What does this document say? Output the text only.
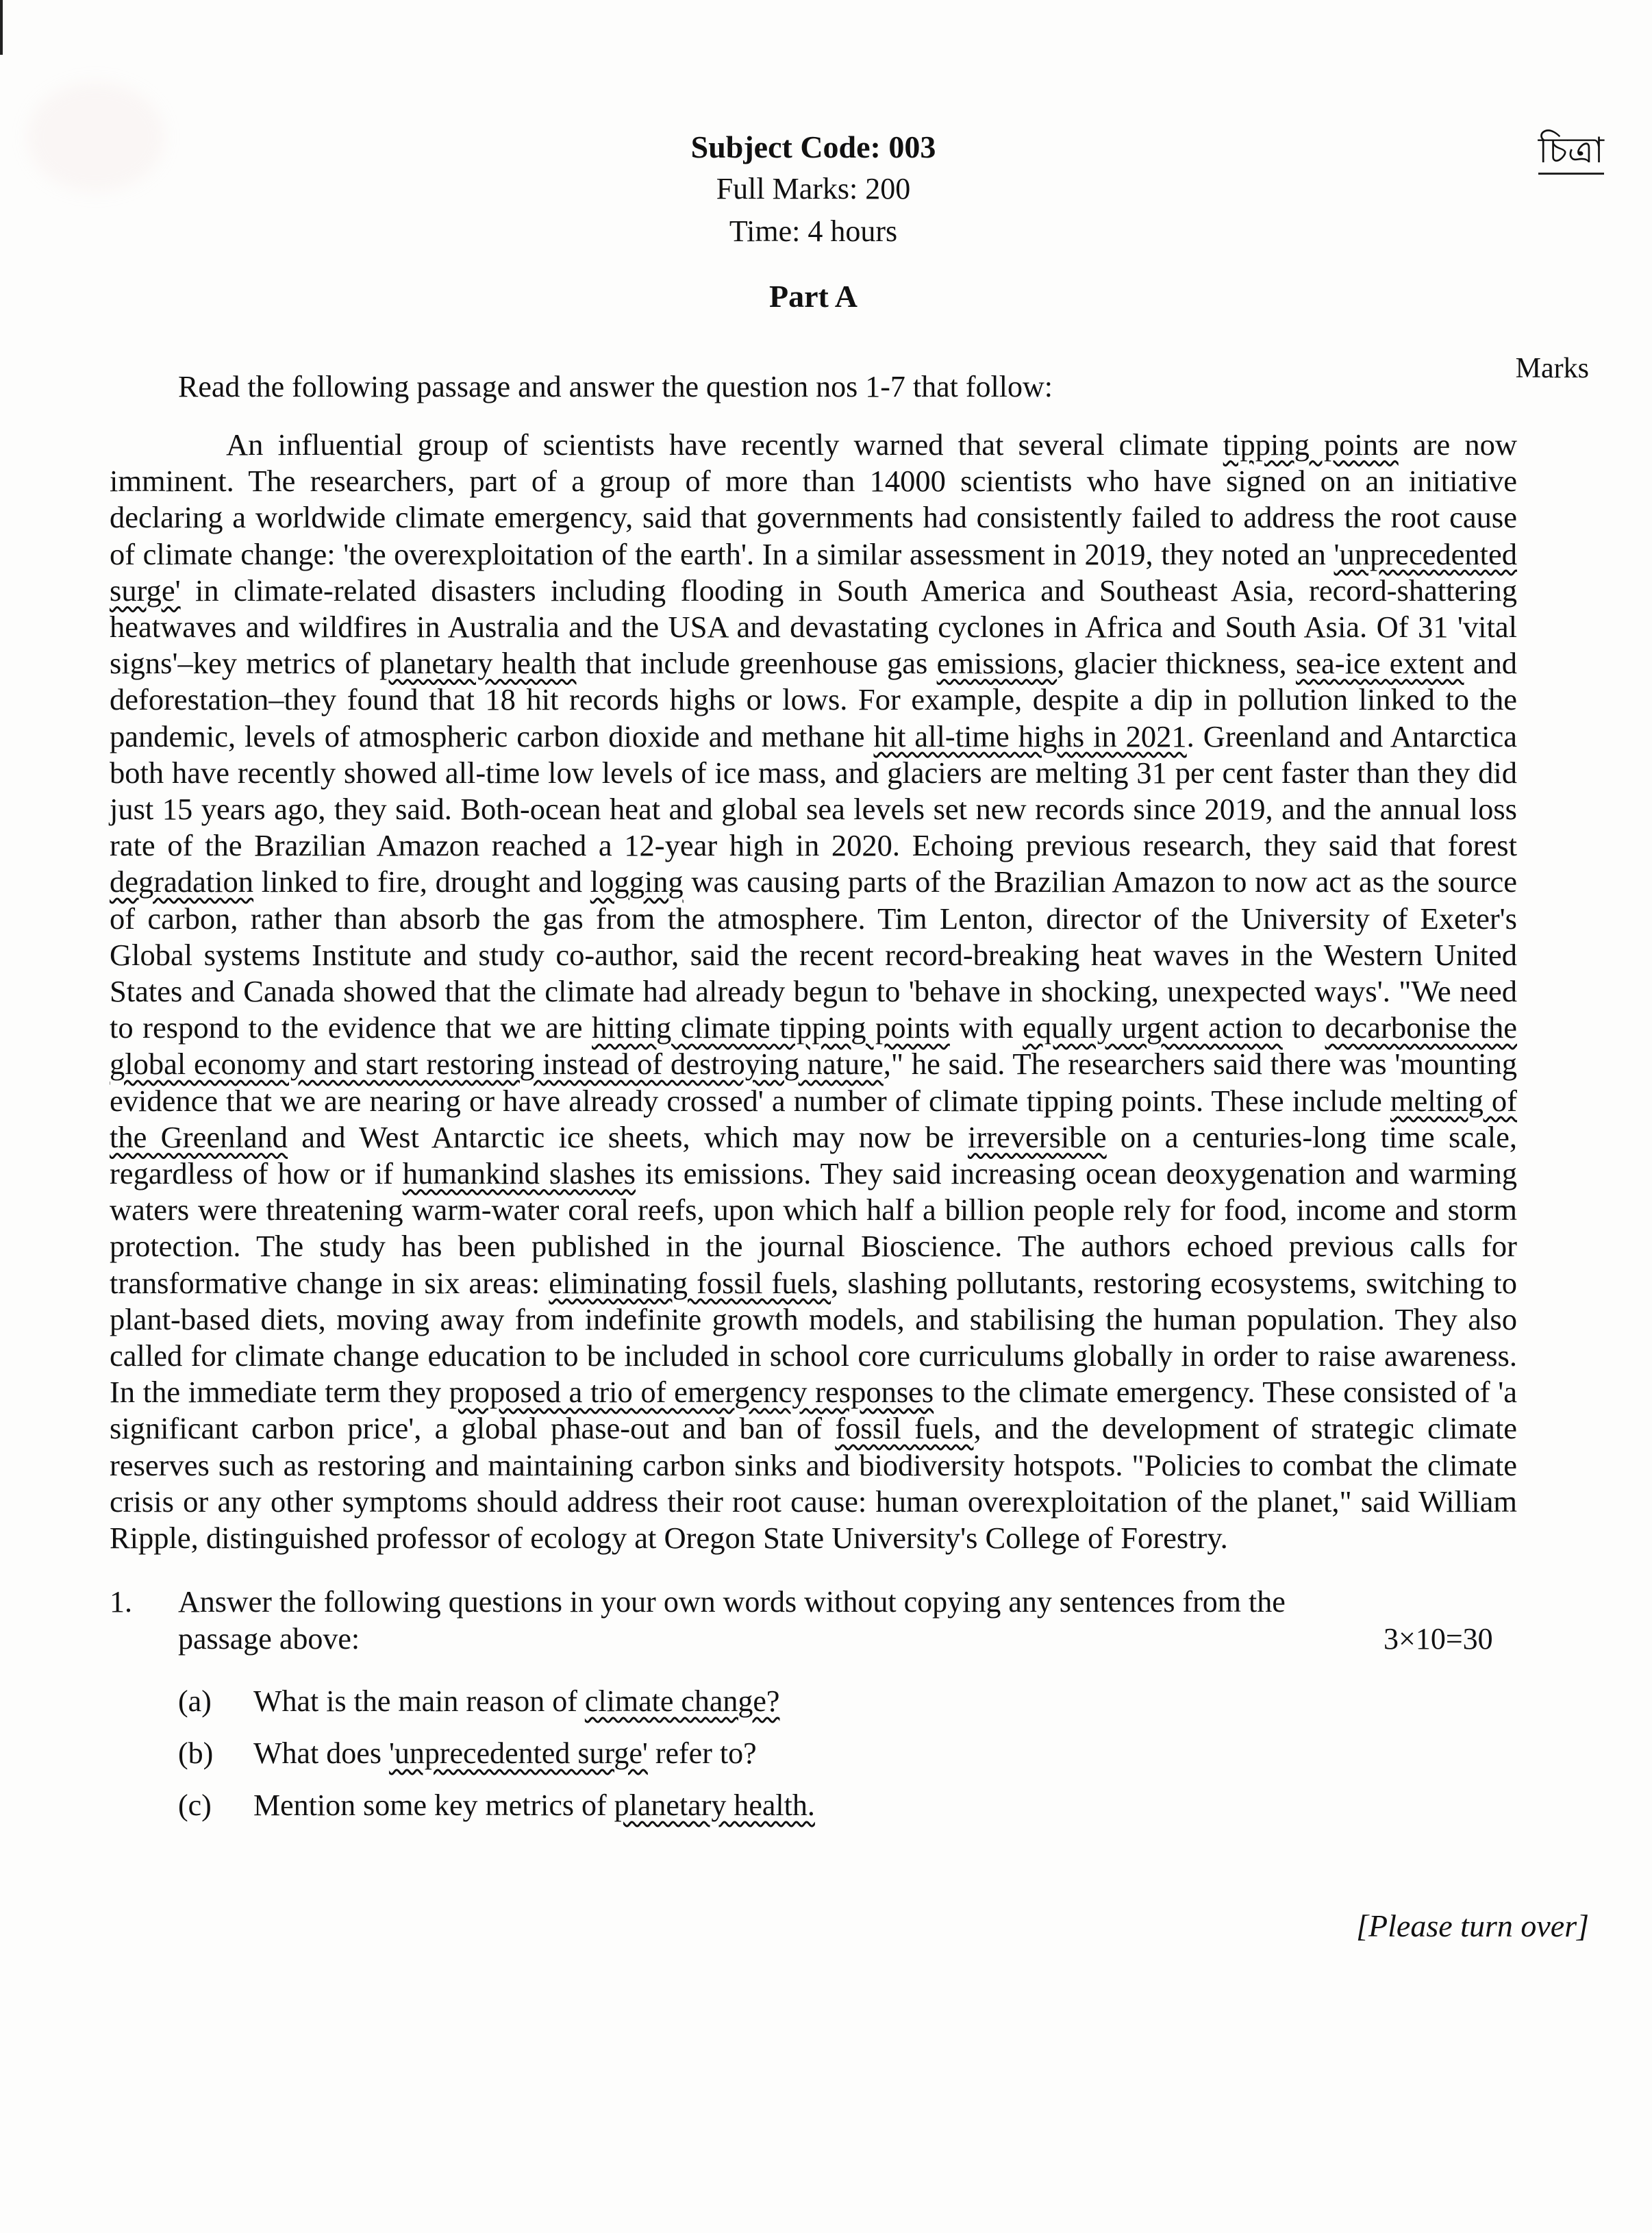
চিত্রা
Subject Code: 003
Full Marks: 200
Time: 4 hours
Part A
Read the following passage and answer the question nos 1-7 that follow:
Marks
An influential group of scientists have recently warned that several climate tipping points are now imminent. The researchers, part of a group of more than 14000 scientists who have signed on an initiative declaring a worldwide climate emergency, said that governments had consistently failed to address the root cause of climate change: 'the overexploitation of the earth'. In a similar assessment in 2019, they noted an 'unprecedented surge' in climate-related disasters including flooding in South America and Southeast Asia, record-shattering heatwaves and wildfires in Australia and the USA and devastating cyclones in Africa and South Asia. Of 31 'vital signs'–key metrics of planetary health that include greenhouse gas emissions, glacier thickness, sea-ice extent and deforestation–they found that 18 hit records highs or lows. For example, despite a dip in pollution linked to the pandemic, levels of atmospheric carbon dioxide and methane hit all-time highs in 2021. Greenland and Antarctica both have recently showed all-time low levels of ice mass, and glaciers are melting 31 per cent faster than they did just 15 years ago, they said. Both-ocean heat and global sea levels set new records since 2019, and the annual loss rate of the Brazilian Amazon reached a 12-year high in 2020. Echoing previous research, they said that forest degradation linked to fire, drought and logging was causing parts of the Brazilian Amazon to now act as the source of carbon, rather than absorb the gas from the atmosphere. Tim Lenton, director of the University of Exeter's Global systems Institute and study co-author, said the recent record-breaking heat waves in the Western United States and Canada showed that the climate had already begun to 'behave in shocking, unexpected ways'. "We need to respond to the evidence that we are hitting climate tipping points with equally urgent action to decarbonise the global economy and start restoring instead of destroying nature," he said. The researchers said there was 'mounting evidence that we are nearing or have already crossed' a number of climate tipping points. These include melting of the Greenland and West Antarctic ice sheets, which may now be irreversible on a centuries-long time scale, regardless of how or if humankind slashes its emissions. They said increasing ocean deoxygenation and warming waters were threatening warm-water coral reefs, upon which half a billion people rely for food, income and storm protection. The study has been published in the journal Bioscience. The authors echoed previous calls for transformative change in six areas: eliminating fossil fuels, slashing pollutants, restoring ecosystems, switching to plant-based diets, moving away from indefinite growth models, and stabilising the human population. They also called for climate change education to be included in school core curriculums globally in order to raise awareness. In the immediate term they proposed a trio of emergency responses to the climate emergency. These consisted of 'a significant carbon price', a global phase-out and ban of fossil fuels, and the development of strategic climate reserves such as restoring and maintaining carbon sinks and biodiversity hotspots. "Policies to combat the climate crisis or any other symptoms should address their root cause: human overexploitation of the planet," said William Ripple, distinguished professor of ecology at Oregon State University's College of Forestry.
1.	Answer the following questions in your own words without copying any sentences from the passage above:	3×10=30
(a)	What is the main reason of climate change?
(b)	What does 'unprecedented surge' refer to?
(c)	Mention some key metrics of planetary health.
[Please turn over]
